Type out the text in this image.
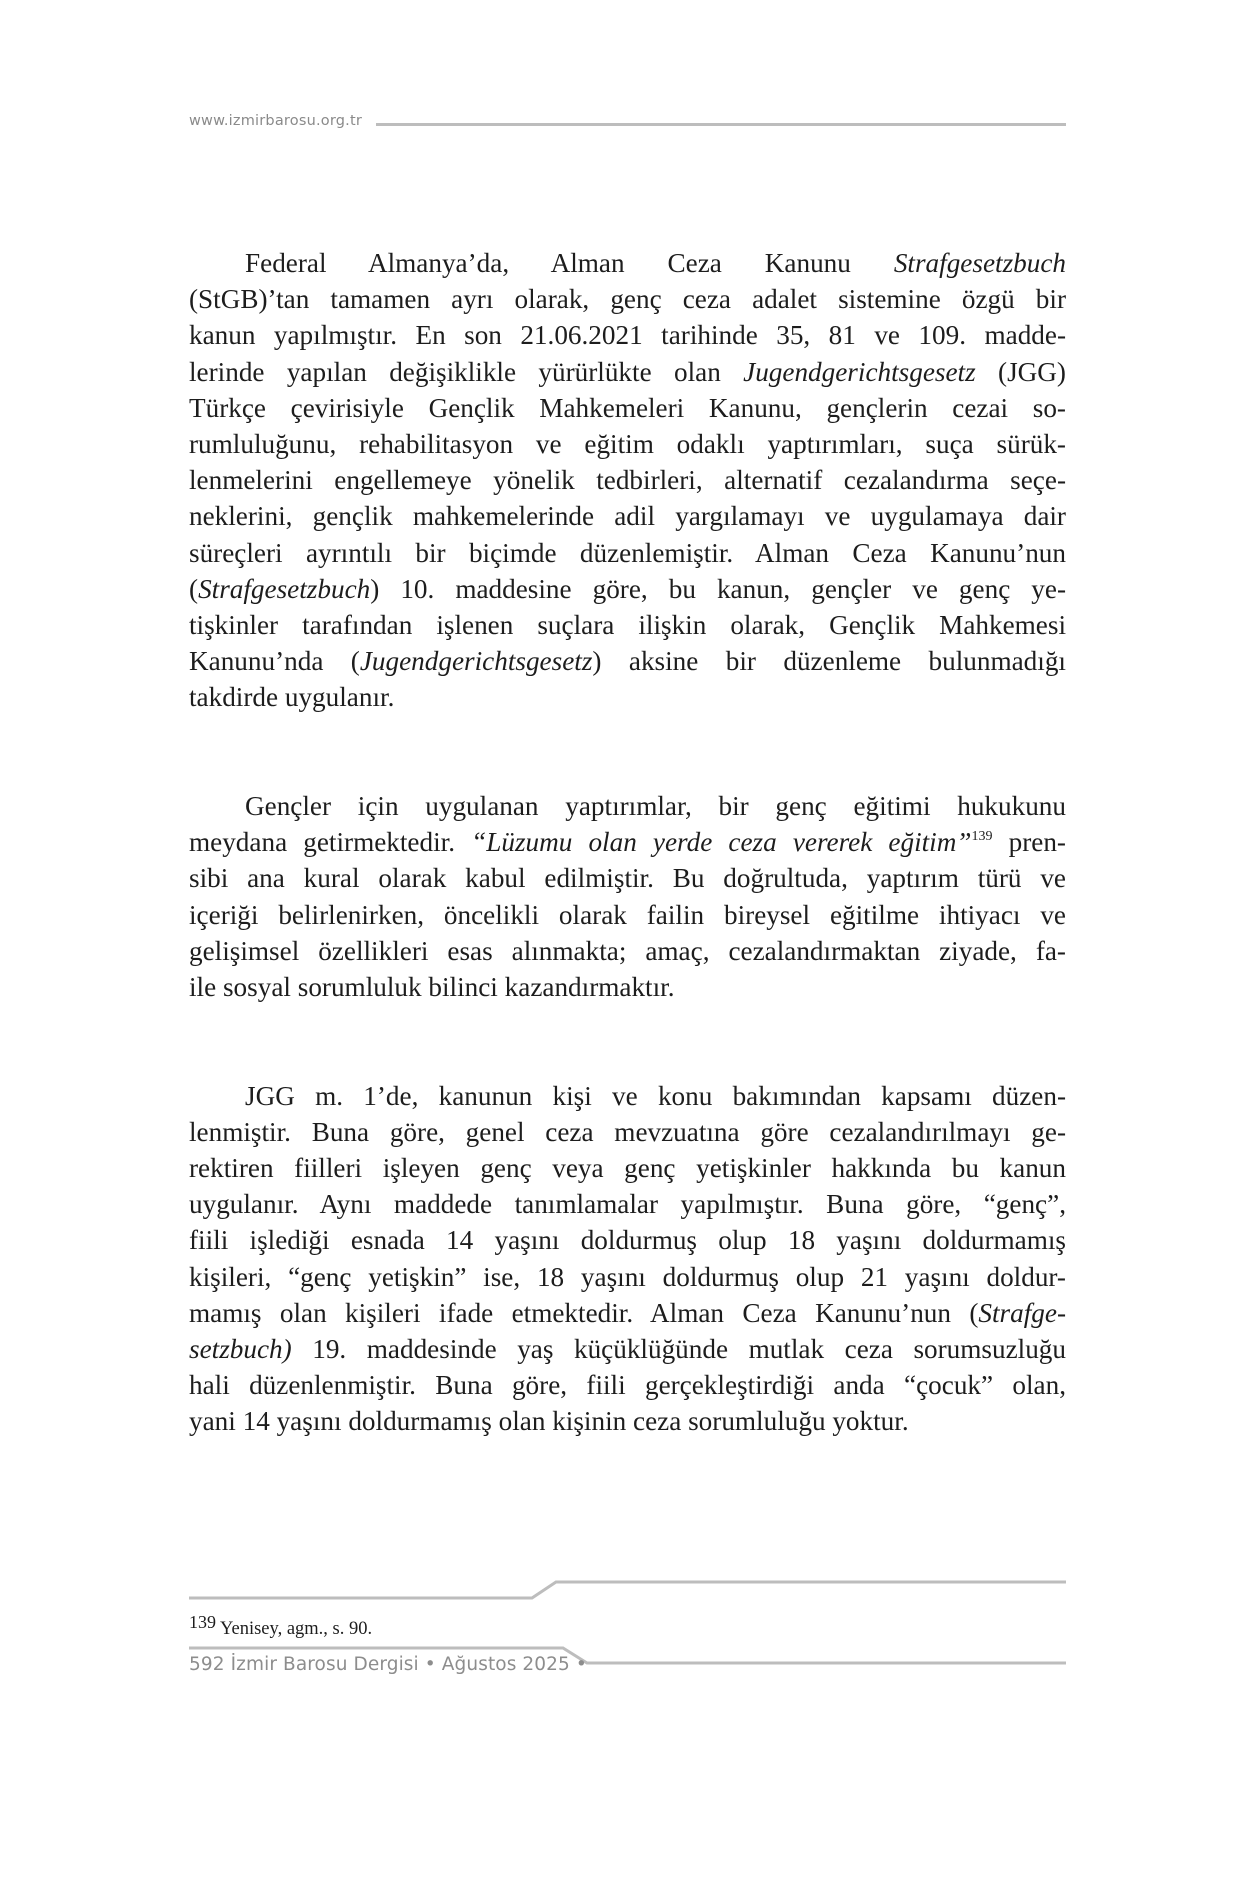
www.izmirbarosu.org.tr

Federal Almanya’da, Alman Ceza Kanunu Strafgesetzbuch
(StGB)’tan tamamen ayrı olarak, genç ceza adalet sistemine özgü bir
kanun yapılmıştır. En son 21.06.2021 tarihinde 35, 81 ve 109. madde-
lerinde yapılan değişiklikle yürürlükte olan Jugendgerichtsgesetz (JGG)
Türkçe çevirisiyle Gençlik Mahkemeleri Kanunu, gençlerin cezai so-
rumluluğunu, rehabilitasyon ve eğitim odaklı yaptırımları, suça sürük-
lenmelerini engellemeye yönelik tedbirleri, alternatif cezalandırma seçe-
neklerini, gençlik mahkemelerinde adil yargılamayı ve uygulamaya dair
süreçleri ayrıntılı bir biçimde düzenlemiştir. Alman Ceza Kanunu’nun
(Strafgesetzbuch) 10. maddesine göre, bu kanun, gençler ve genç ye-
tişkinler tarafından işlenen suçlara ilişkin olarak, Gençlik Mahkemesi
Kanunu’nda (Jugendgerichtsgesetz) aksine bir düzenleme bulunmadığı
takdirde uygulanır.

Gençler için uygulanan yaptırımlar, bir genç eğitimi hukukunu
meydana getirmektedir. “Lüzumu olan yerde ceza vererek eğitim”$^{139}$ pren-
sibi ana kural olarak kabul edilmiştir. Bu doğrultuda, yaptırım türü ve
içeriği belirlenirken, öncelikli olarak failin bireysel eğitilme ihtiyacı ve
gelişimsel özellikleri esas alınmakta; amaç, cezalandırmaktan ziyade, fa-
ile sosyal sorumluluk bilinci kazandırmaktır.

JGG m. 1’de, kanunun kişi ve konu bakımından kapsamı düzen-
lenmiştir. Buna göre, genel ceza mevzuatına göre cezalandırılmayı ge-
rektiren fiilleri işleyen genç veya genç yetişkinler hakkında bu kanun
uygulanır. Aynı maddede tanımlamalar yapılmıştır. Buna göre, “genç”,
fiili işlediği esnada 14 yaşını doldurmuş olup 18 yaşını doldurmamış
kişileri, “genç yetişkin” ise, 18 yaşını doldurmuş olup 21 yaşını doldur-
mamış olan kişileri ifade etmektedir. Alman Ceza Kanunu’nun (Strafge-
setzbuch) 19. maddesinde yaş küçüklüğünde mutlak ceza sorumsuzluğu
hali düzenlenmiştir. Buna göre, fiili gerçekleştirdiği anda “çocuk” olan,
yani 14 yaşını doldurmamış olan kişinin ceza sorumluluğu yoktur.

139 Yenisey, agm., s. 90.
592 İzmir Barosu Dergisi • Ağustos 2025 •
